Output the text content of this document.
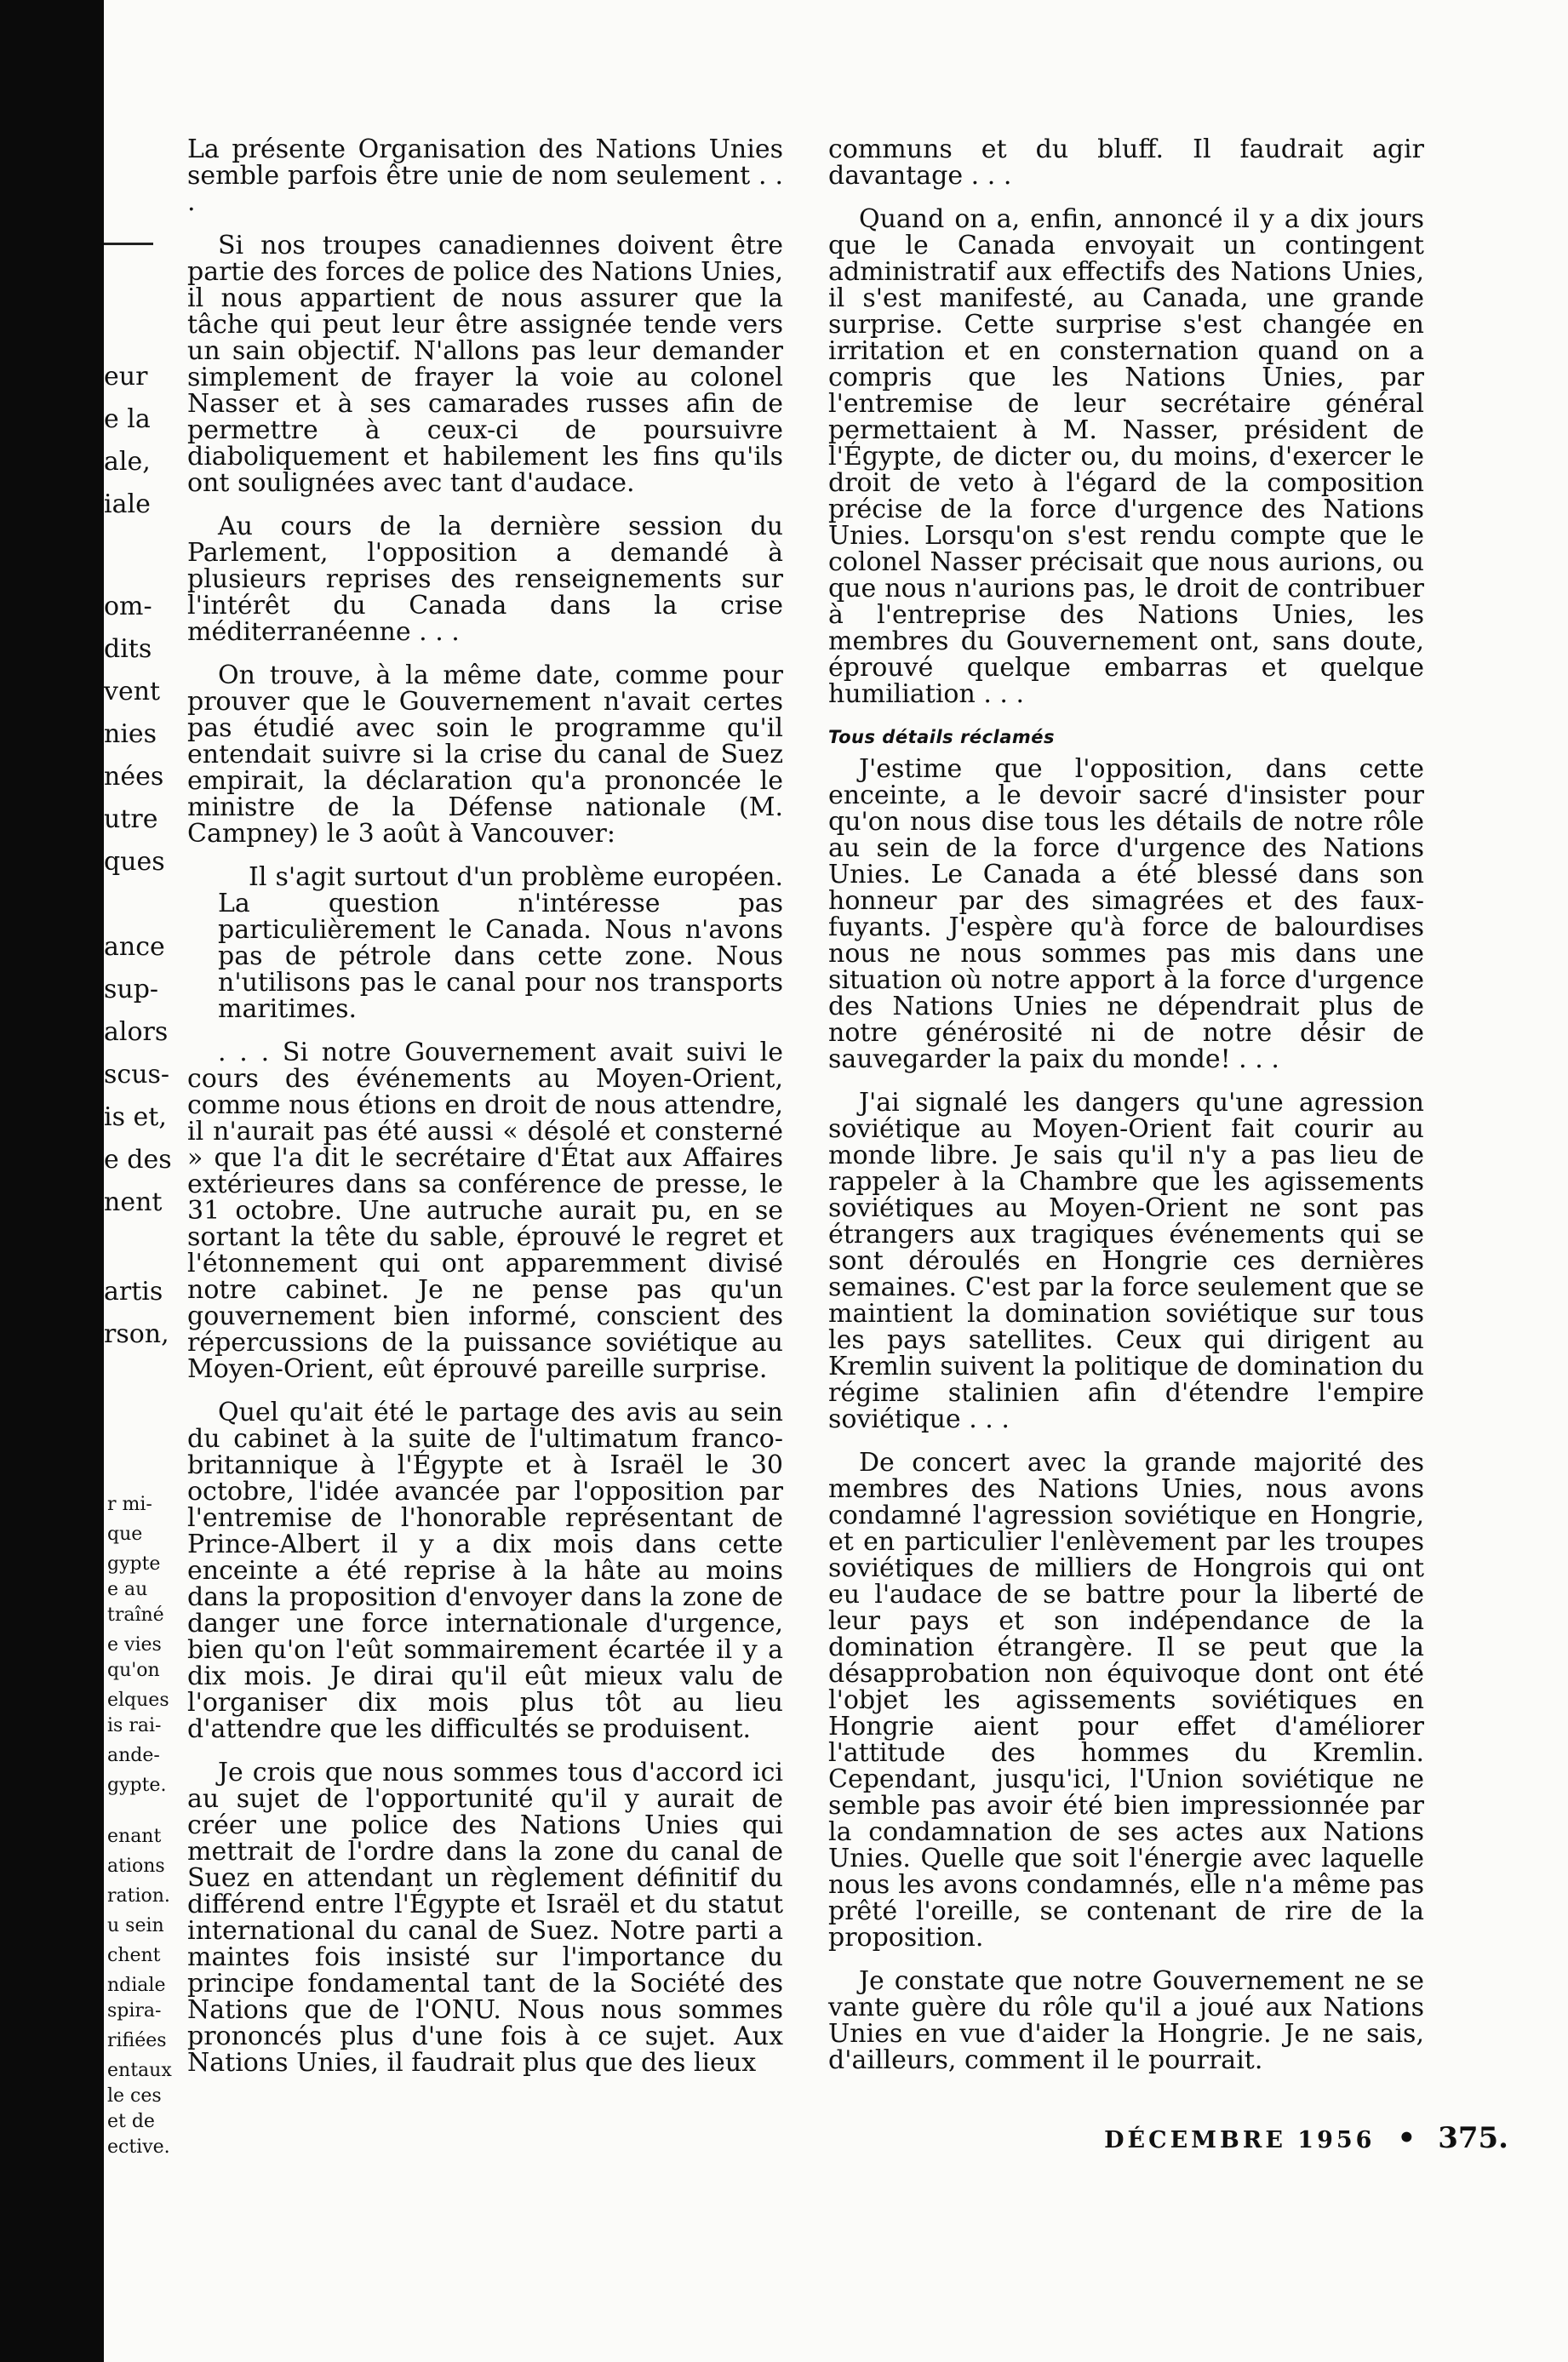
eur
e la
ale,
iale
om-
dits
vent
nies
nées
utre
ques
ance
sup-
alors
scus-
is et,
e des
nent
artis
rson,
r mi-
que
gypte
e au
traîné
e vies
qu'on
elques
is rai-
ande-
gypte.
enant
ations
ration.
u sein
chent
ndiale
spira-
rifiées
entaux
le ces
et de
ective.

La présente Organisation des Nations Unies semble parfois être unie de nom seulement . . .

Si nos troupes canadiennes doivent être partie des forces de police des Nations Unies, il nous appartient de nous assurer que la tâche qui peut leur être assignée tende vers un sain objectif. N'allons pas leur demander simplement de frayer la voie au colonel Nasser et à ses camarades russes afin de permettre à ceux-ci de poursuivre diaboliquement et habilement les fins qu'ils ont soulignées avec tant d'audace.

Au cours de la dernière session du Parlement, l'opposition a demandé à plusieurs reprises des renseignements sur l'intérêt du Canada dans la crise méditerranéenne . . .

On trouve, à la même date, comme pour prouver que le Gouvernement n'avait certes pas étudié avec soin le programme qu'il entendait suivre si la crise du canal de Suez empirait, la déclaration qu'a prononcée le ministre de la Défense nationale (M. Campney) le 3 août à Vancouver:

Il s'agit surtout d'un problème européen. La question n'intéresse pas particulièrement le Canada. Nous n'avons pas de pétrole dans cette zone. Nous n'utilisons pas le canal pour nos transports maritimes.

. . . Si notre Gouvernement avait suivi le cours des événements au Moyen-Orient, comme nous étions en droit de nous attendre, il n'aurait pas été aussi « désolé et consterné » que l'a dit le secrétaire d'État aux Affaires extérieures dans sa conférence de presse, le 31 octobre. Une autruche aurait pu, en se sortant la tête du sable, éprouvé le regret et l'étonnement qui ont apparemment divisé notre cabinet. Je ne pense pas qu'un gouvernement bien informé, conscient des répercussions de la puissance soviétique au Moyen-Orient, eût éprouvé pareille surprise.

Quel qu'ait été le partage des avis au sein du cabinet à la suite de l'ultimatum franco-britannique à l'Égypte et à Israël le 30 octobre, l'idée avancée par l'opposition par l'entremise de l'honorable représentant de Prince-Albert il y a dix mois dans cette enceinte a été reprise à la hâte au moins dans la proposition d'envoyer dans la zone de danger une force internationale d'urgence, bien qu'on l'eût sommairement écartée il y a dix mois. Je dirai qu'il eût mieux valu de l'organiser dix mois plus tôt au lieu d'attendre que les difficultés se produisent.

Je crois que nous sommes tous d'accord ici au sujet de l'opportunité qu'il y aurait de créer une police des Nations Unies qui mettrait de l'ordre dans la zone du canal de Suez en attendant un règlement définitif du différend entre l'Égypte et Israël et du statut international du canal de Suez. Notre parti a maintes fois insisté sur l'importance du principe fondamental tant de la Société des Nations que de l'ONU. Nous nous sommes prononcés plus d'une fois à ce sujet. Aux Nations Unies, il faudrait plus que des lieux

communs et du bluff. Il faudrait agir davantage . . .

Quand on a, enfin, annoncé il y a dix jours que le Canada envoyait un contingent administratif aux effectifs des Nations Unies, il s'est manifesté, au Canada, une grande surprise. Cette surprise s'est changée en irritation et en consternation quand on a compris que les Nations Unies, par l'entremise de leur secrétaire général permettaient à M. Nasser, président de l'Égypte, de dicter ou, du moins, d'exercer le droit de veto à l'égard de la composition précise de la force d'urgence des Nations Unies. Lorsqu'on s'est rendu compte que le colonel Nasser précisait que nous aurions, ou que nous n'aurions pas, le droit de contribuer à l'entreprise des Nations Unies, les membres du Gouvernement ont, sans doute, éprouvé quelque embarras et quelque humiliation . . .

Tous détails réclamés

J'estime que l'opposition, dans cette enceinte, a le devoir sacré d'insister pour qu'on nous dise tous les détails de notre rôle au sein de la force d'urgence des Nations Unies. Le Canada a été blessé dans son honneur par des simagrées et des faux-fuyants. J'espère qu'à force de balourdises nous ne nous sommes pas mis dans une situation où notre apport à la force d'urgence des Nations Unies ne dépendrait plus de notre générosité ni de notre désir de sauvegarder la paix du monde! . . .

J'ai signalé les dangers qu'une agression soviétique au Moyen-Orient fait courir au monde libre. Je sais qu'il n'y a pas lieu de rappeler à la Chambre que les agissements soviétiques au Moyen-Orient ne sont pas étrangers aux tragiques événements qui se sont déroulés en Hongrie ces dernières semaines. C'est par la force seulement que se maintient la domination soviétique sur tous les pays satellites. Ceux qui dirigent au Kremlin suivent la politique de domination du régime stalinien afin d'étendre l'empire soviétique . . .

De concert avec la grande majorité des membres des Nations Unies, nous avons condamné l'agression soviétique en Hongrie, et en particulier l'enlèvement par les troupes soviétiques de milliers de Hongrois qui ont eu l'audace de se battre pour la liberté de leur pays et son indépendance de la domination étrangère. Il se peut que la désapprobation non équivoque dont ont été l'objet les agissements soviétiques en Hongrie aient pour effet d'améliorer l'attitude des hommes du Kremlin. Cependant, jusqu'ici, l'Union soviétique ne semble pas avoir été bien impressionnée par la condamnation de ses actes aux Nations Unies. Quelle que soit l'énergie avec laquelle nous les avons condamnés, elle n'a même pas prêté l'oreille, se contenant de rire de la proposition.

Je constate que notre Gouvernement ne se vante guère du rôle qu'il a joué aux Nations Unies en vue d'aider la Hongrie. Je ne sais, d'ailleurs, comment il le pourrait.

DÉCEMBRE 1956 • 375.
